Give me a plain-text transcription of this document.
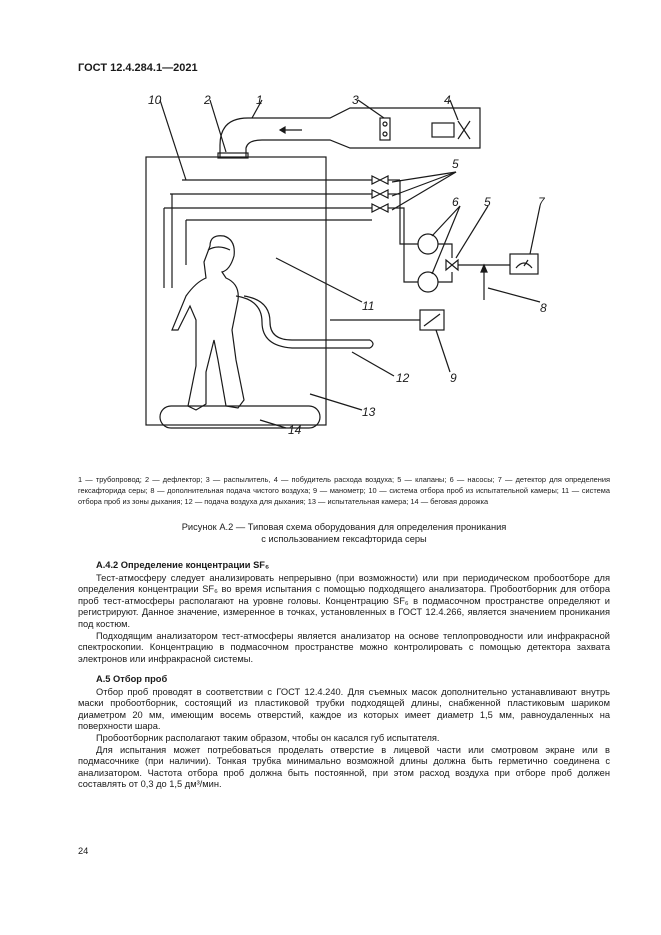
ГОСТ 12.4.284.1—2021
10	2	1	3	4
5
6 5	7
8
11
12	9
13
14
1 — трубопровод; 2 — дефлектор; 3 — распылитель, 4 — побудитель расхода воздуха; 5 — клапаны; 6 — насосы; 7 — детектор для определения гексафторида серы; 8 — дополнительная подача чистого воздуха; 9 — манометр; 10 — система отбора проб из испытательной камеры; 11 — система отбора проб из зоны дыхания; 12 — подача воздуха для дыхания; 13 — испытательная камера; 14 — беговая дорожка
Рисунок А.2 — Типовая схема оборудования для определения проникания
с использованием гексафторида серы
А.4.2 Определение концентрации SF₆

Тест-атмосферу следует анализировать непрерывно (при возможности) или при периодическом пробоотборе для определения концентрации SF₆ во время испытания с помощью подходящего анализатора. Пробоотборник для отбора проб тест-атмосферы располагают на уровне головы. Концентрацию SF₆ в подмасочном пространстве определяют и регистрируют. Данное значение, измеренное в точках, установленных в ГОСТ 12.4.266, является значением проникания под костюм.

Подходящим анализатором тест-атмосферы является анализатор на основе теплопроводности или инфракрасной спектроскопии. Концентрацию в подмасочном пространстве можно контролировать с помощью детектора захвата электронов или инфракрасной системы.

А.5 Отбор проб

Отбор проб проводят в соответствии с ГОСТ 12.4.240. Для съемных масок дополнительно устанавливают внутрь маски пробоотборник, состоящий из пластиковой трубки подходящей длины, снабженной пластиковым шариком диаметром 20 мм, имеющим восемь отверстий, каждое из которых имеет диаметр 1,5 мм, равноудаленных на поверхности шара.

Пробоотборник располагают таким образом, чтобы он касался губ испытателя.

Для испытания может потребоваться проделать отверстие в лицевой части или смотровом экране или в подмасочнике (при наличии). Тонкая трубка минимально возможной длины должна быть герметично соединена с анализатором. Частота отбора проб должна быть постоянной, при этом расход воздуха при отборе проб должен составлять от 0,3 до 1,5 дм³/мин.

24
